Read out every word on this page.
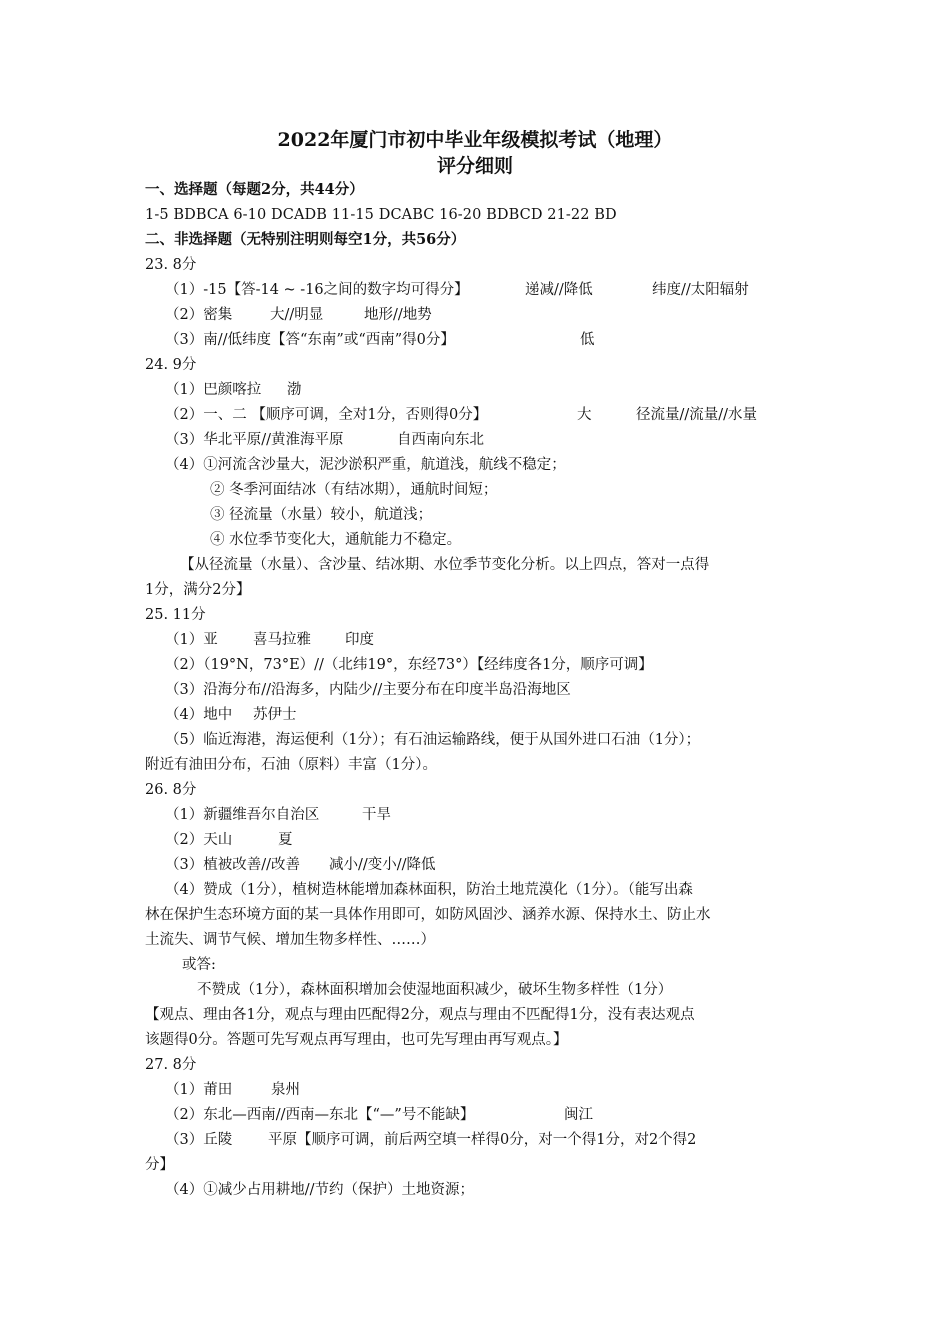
2022年厦门市初中毕业年级模拟考试（地理）
评分细则
一、选择题（每题2分，共44分）
1-5 BDBCA 6-10 DCADB 11-15 DCABC 16-20 BDBCD 21-22 BD
二、非选择题（无特别注明则每空1分，共56分）
23. 8分
（1）-15【答-14 ~ -16之间的数字均可得分】	递减//降低	纬度//太阳辐射
（2）密集	大//明显	地形//地势
（3）南//低纬度【答“东南”或“西南”得0分】	低
24. 9分
（1）巴颜喀拉 渤
（2）一、二 【顺序可调，全对1分，否则得0分】	大	径流量//流量//水量
（3）华北平原//黄淮海平原	自西南向东北
（4）①河流含沙量大，泥沙淤积严重，航道浅，航线不稳定；
② 冬季河面结冰（有结冰期），通航时间短；
③ 径流量（水量）较小，航道浅；
④ 水位季节变化大，通航能力不稳定。
【从径流量（水量）、含沙量、结冰期、水位季节变化分析。以上四点，答对一点得
1分，满分2分】
25. 11分
（1）亚 喜马拉雅 印度
（2）（19°N，73°E）//（北纬19°，东经73°）【经纬度各1分，顺序可调】
（3）沿海分布//沿海多，内陆少//主要分布在印度半岛沿海地区
（4）地中 苏伊士
（5）临近海港，海运便利（1分）；有石油运输路线，便于从国外进口石油（1分）；
附近有油田分布，石油（原料）丰富（1分）。
26. 8分
（1）新疆维吾尔自治区	干旱
（2）天山	夏
（3）植被改善//改善 减小//变小//降低
（4）赞成（1分），植树造林能增加森林面积，防治土地荒漠化（1分）。（能写出森
林在保护生态环境方面的某一具体作用即可，如防风固沙、涵养水源、保持水土、防止水
土流失、调节气候、增加生物多样性、……）
或答:
不赞成（1分），森林面积增加会使湿地面积减少，破坏生物多样性（1分）
【观点、理由各1分，观点与理由匹配得2分，观点与理由不匹配得1分，没有表达观点
该题得0分。答题可先写观点再写理由，也可先写理由再写观点。】
27. 8分
（1）莆田	泉州
（2）东北—西南//西南—东北【“—”号不能缺】	闽江
（3）丘陵 平原【顺序可调，前后两空填一样得0分，对一个得1分，对2个得2
分】
（4）①减少占用耕地//节约（保护）土地资源；
